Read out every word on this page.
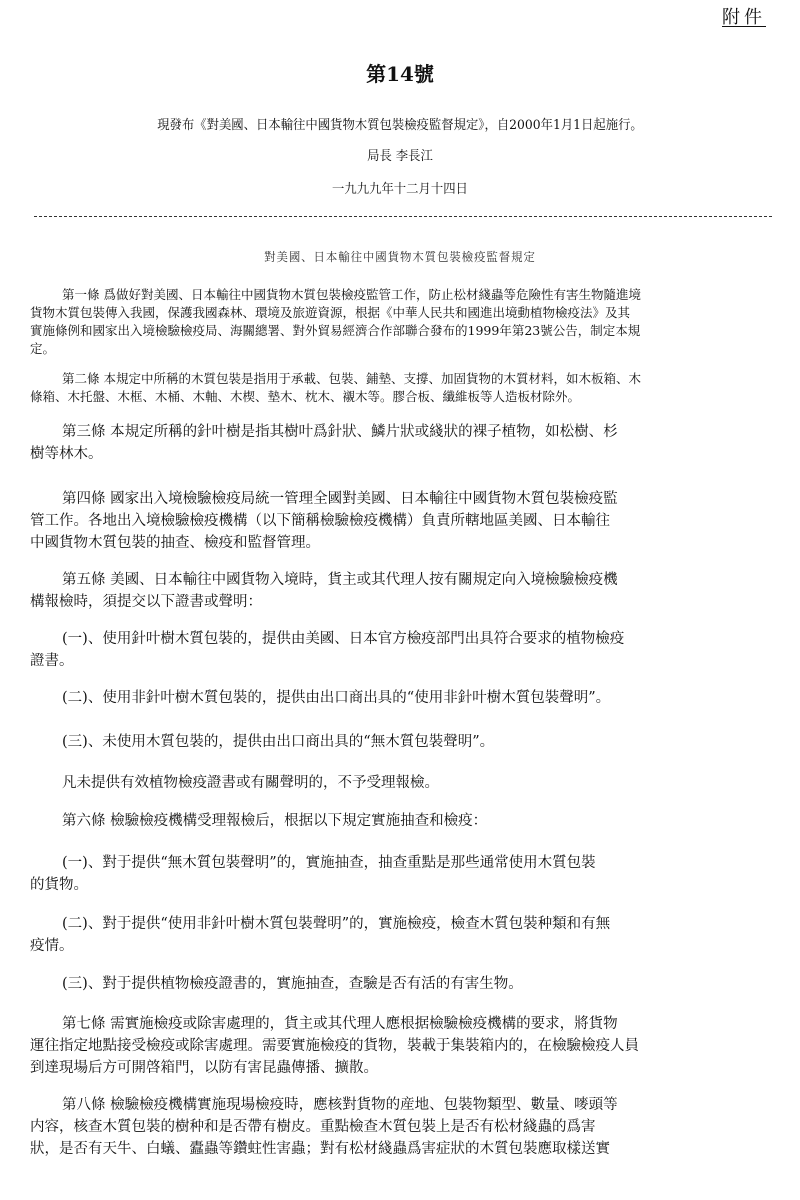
附件
第14號
現發布《對美國、日本輸往中國貨物木質包裝檢疫監督規定》，自2000年1月1日起施行。
局長 李長江
一九九九年十二月十四日
對美國、日本輸往中國貨物木質包裝檢疫監督規定
第一條 爲做好對美國、日本輸往中國貨物木質包裝檢疫監管工作，防止松材綫蟲等危險性有害生物隨進境
貨物木質包裝傳入我國，保護我國森林、環境及旅遊資源，根据《中華人民共和國進出境動植物檢疫法》及其
實施條例和國家出入境檢驗檢疫局、海關總署、對外貿易經濟合作部聯合發布的1999年第23號公告，制定本規
定。
第二條 本規定中所稱的木質包裝是指用于承載、包裝、鋪墊、支撐、加固貨物的木質材料，如木板箱、木
條箱、木托盤、木框、木桶、木軸、木楔、墊木、枕木、襯木等。膠合板、纖維板等人造板材除外。
第三條 本規定所稱的針叶樹是指其樹叶爲針狀、鱗片狀或綫狀的裸子植物，如松樹、杉
樹等林木。
第四條 國家出入境檢驗檢疫局統一管理全國對美國、日本輸往中國貨物木質包裝檢疫監
管工作。各地出入境檢驗檢疫機構（以下簡稱檢驗檢疫機構）負責所轄地區美國、日本輸往
中國貨物木質包裝的抽查、檢疫和監督管理。
第五條 美國、日本輸往中國貨物入境時，貨主或其代理人按有關規定向入境檢驗檢疫機
構報檢時，須提交以下證書或聲明：
(一)、使用針叶樹木質包裝的，提供由美國、日本官方檢疫部門出具符合要求的植物檢疫
證書。
(二)、使用非針叶樹木質包裝的，提供由出口商出具的“使用非針叶樹木質包裝聲明”。
(三)、未使用木質包裝的，提供由出口商出具的“無木質包裝聲明”。
凡未提供有效植物檢疫證書或有關聲明的，不予受理報檢。
第六條 檢驗檢疫機構受理報檢后，根据以下規定實施抽查和檢疫：
(一)、對于提供“無木質包裝聲明”的，實施抽查，抽查重點是那些通常使用木質包裝
的貨物。
(二)、對于提供“使用非針叶樹木質包裝聲明”的，實施檢疫，檢查木質包裝种類和有無
疫情。
(三)、對于提供植物檢疫證書的，實施抽查，查驗是否有活的有害生物。
第七條 需實施檢疫或除害處理的，貨主或其代理人應根据檢驗檢疫機構的要求，將貨物
運往指定地點接受檢疫或除害處理。需要實施檢疫的貨物，裝載于集裝箱内的，在檢驗檢疫人員
到達現場后方可開啓箱門，以防有害昆蟲傳播、擴散。
第八條 檢驗檢疫機構實施現場檢疫時，應核對貨物的産地、包裝物類型、數量、嘜頭等
内容，核查木質包裝的樹种和是否帶有樹皮。重點檢查木質包裝上是否有松材綫蟲的爲害
狀，是否有天牛、白蟻、蠹蟲等鑽蛀性害蟲；對有松材綫蟲爲害症狀的木質包裝應取樣送實
